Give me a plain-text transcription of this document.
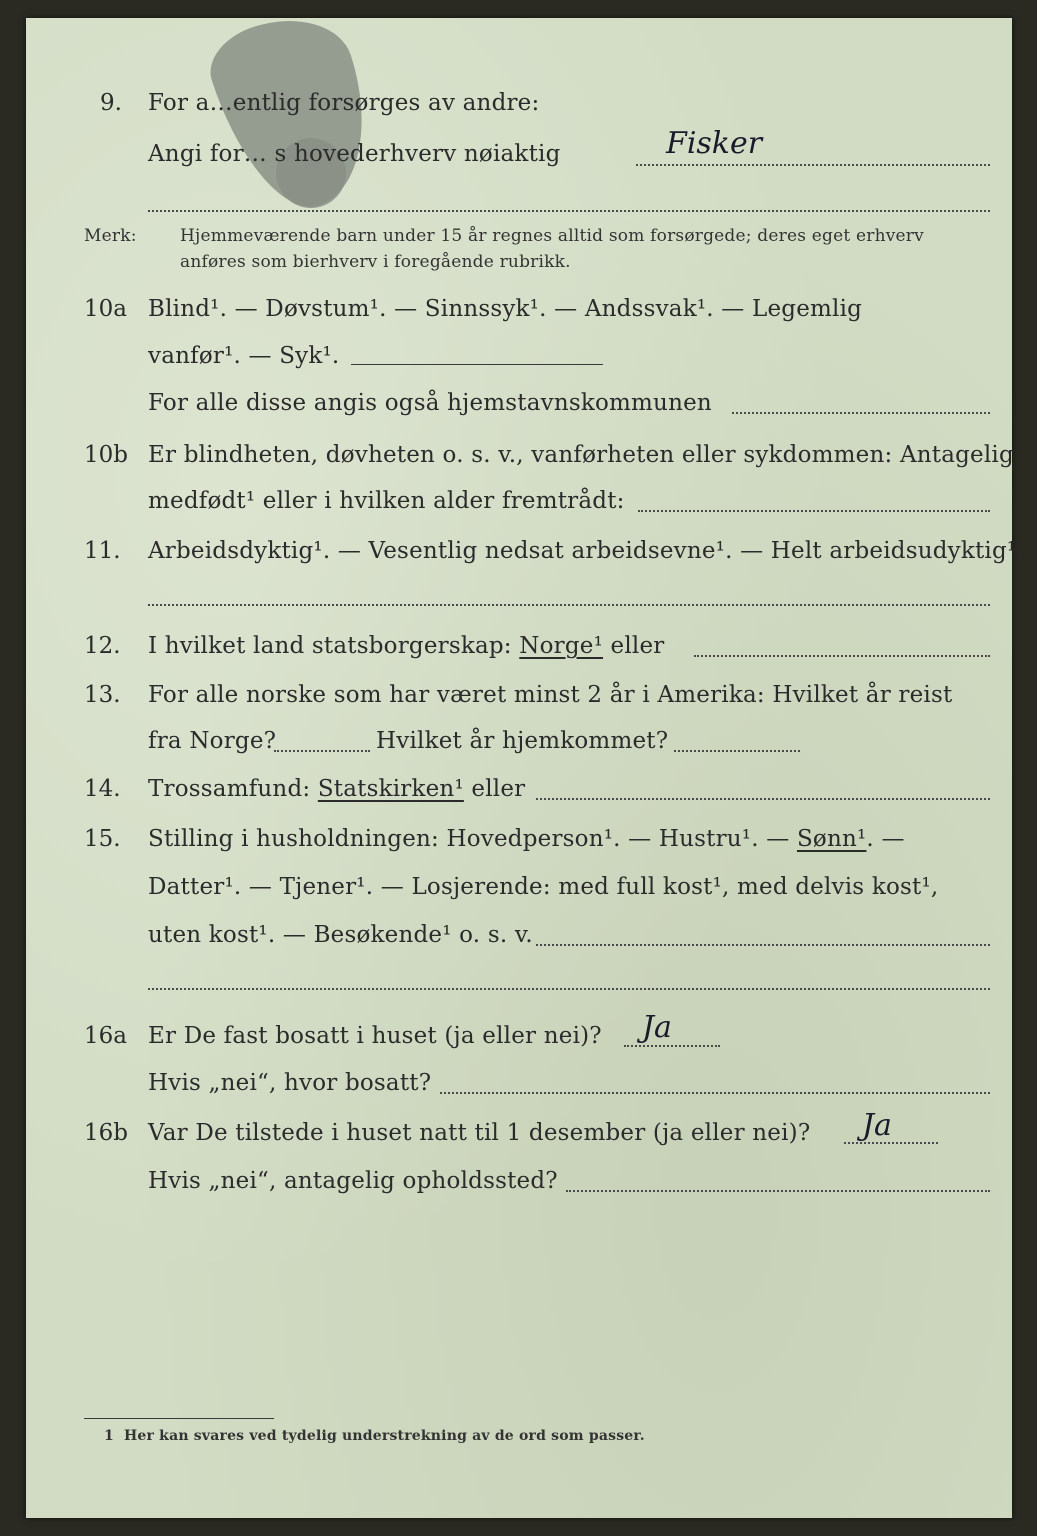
9. For a…entlig forsørges av andre:
Angi for… s hovederhverv nøiaktig	Fisker
Merk:	Hjemmeværende barn under 15 år regnes alltid som forsørgede; deres eget erhverv
anføres som bierhverv i foregående rubrikk.
10a Blind¹. — Døvstum¹. — Sinnssyk¹. — Andssvak¹. — Legemlig
vanfør¹. — Syk¹.
For alle disse angis også hjemstavnskommunen
10b Er blindheten, døvheten o. s. v., vanførheten eller sykdommen: Antagelig
medfødt¹ eller i hvilken alder fremtrådt:
11. Arbeidsdyktig¹. — Vesentlig nedsat arbeidsevne¹. — Helt arbeidsudyktig¹.
12. I hvilket land statsborgerskap: Norge¹ eller
13. For alle norske som har været minst 2 år i Amerika: Hvilket år reist
fra Norge?	Hvilket år hjemkommet?
14. Trossamfund: Statskirken¹ eller
15. Stilling i husholdningen: Hovedperson¹. — Hustru¹. — Sønn¹. —
Datter¹. — Tjener¹. — Losjerende: med full kost¹, med delvis kost¹,
uten kost¹. — Besøkende¹ o. s. v.
16a Er De fast bosatt i huset (ja eller nei)? Ja
Hvis „nei“, hvor bosatt?
16b Var De tilstede i huset natt til 1 desember (ja eller nei)? Ja
Hvis „nei“, antagelig opholdssted?
1 Her kan svares ved tydelig understrekning av de ord som passer.
